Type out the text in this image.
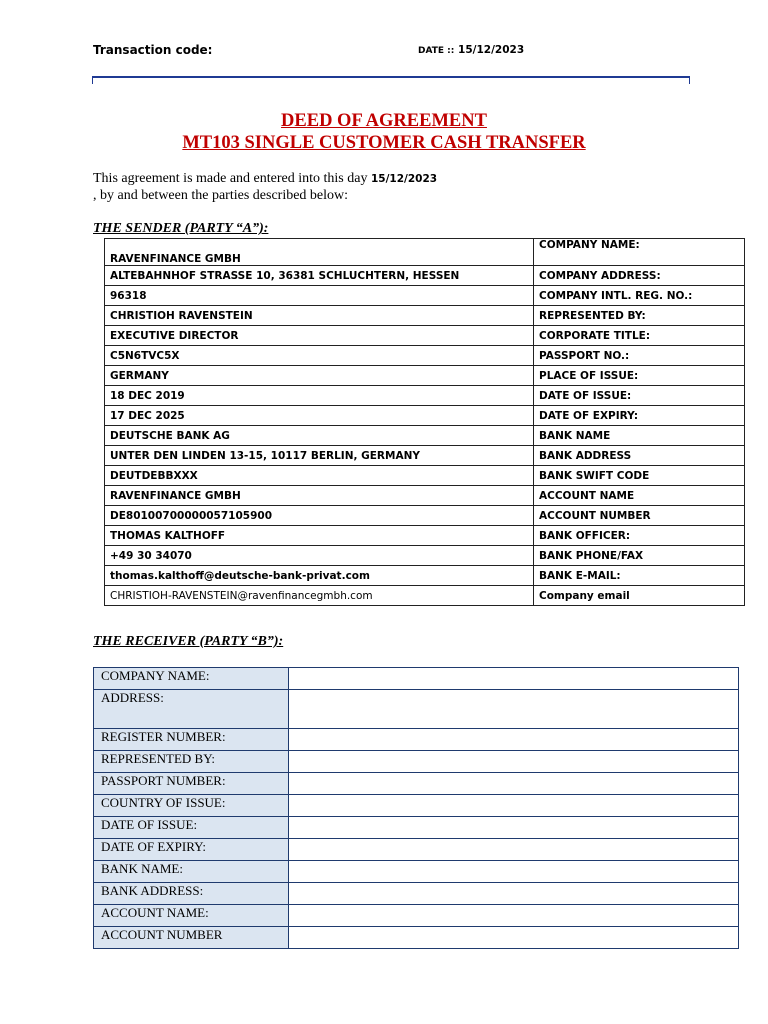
Transaction code:	DATE :: 15/12/2023
DEED OF AGREEMENT
MT103 SINGLE CUSTOMER CASH TRANSFER
This agreement is made and entered into this day 15/12/2023
, by and between the parties described below:
THE SENDER (PARTY “A”):
RAVENFINANCE GMBH	COMPANY NAME:
ALTEBAHNHOF STRASSE 10, 36381 SCHLUCHTERN, HESSEN	COMPANY ADDRESS:
96318	COMPANY INTL. REG. NO.:
CHRISTIOH RAVENSTEIN	REPRESENTED BY:
EXECUTIVE DIRECTOR	CORPORATE TITLE:
C5N6TVC5X	PASSPORT NO.:
GERMANY	PLACE OF ISSUE:
18 DEC 2019	DATE OF ISSUE:
17 DEC 2025	DATE OF EXPIRY:
DEUTSCHE BANK AG	BANK NAME
UNTER DEN LINDEN 13-15, 10117 BERLIN, GERMANY	BANK ADDRESS
DEUTDEBBXXX	BANK SWIFT CODE
RAVENFINANCE GMBH	ACCOUNT NAME
DE80100700000057105900	ACCOUNT NUMBER
THOMAS KALTHOFF	BANK OFFICER:
+49 30 34070	BANK PHONE/FAX
thomas.kalthoff@deutsche-bank-privat.com	BANK E-MAIL:
CHRISTIOH-RAVENSTEIN@ravenfinancegmbh.com	Company email
THE RECEIVER (PARTY “B”):
COMPANY NAME:	
ADDRESS:	
REGISTER NUMBER:	
REPRESENTED BY:	
PASSPORT NUMBER:	
COUNTRY OF ISSUE:	
DATE OF ISSUE:	
DATE OF EXPIRY:	
BANK NAME:	
BANK ADDRESS:	
ACCOUNT NAME:	
ACCOUNT NUMBER	
